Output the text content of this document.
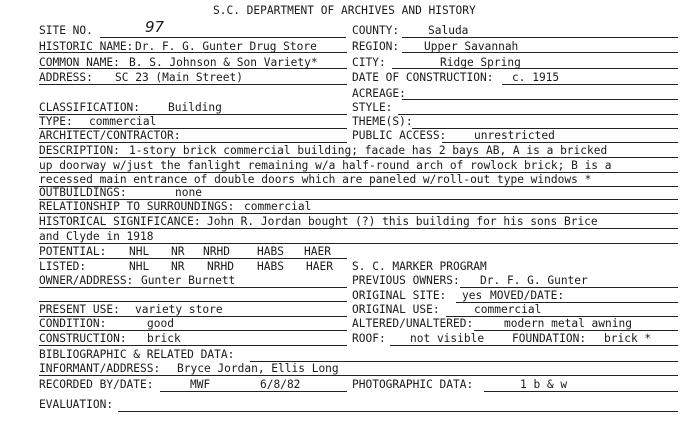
S.C. DEPARTMENT OF ARCHIVES AND HISTORY
SITE NO.	97	COUNTY:	Saluda
HISTORIC NAME: Dr. F. G. Gunter Drug Store	REGION: Upper Savannah
COMMON NAME: B. S. Johnson & Son Variety*	CITY:	Ridge Spring
ADDRESS: SC 23 (Main Street)	DATE OF CONSTRUCTION: c. 1915
ACREAGE:
CLASSIFICATION: Building	STYLE:
TYPE: commercial	THEME(S):
ARCHITECT/CONTRACTOR:	PUBLIC ACCESS: unrestricted
DESCRIPTION: 1-story brick commercial building; facade has 2 bays AB, A is a bricked
up doorway w/just the fanlight remaining w/a half-round arch of rowlock brick; B is a
recessed main entrance of double doors which are paneled w/roll-out type windows *
OUTBUILDINGS:	none
RELATIONSHIP TO SURROUNDINGS: commercial
HISTORICAL SIGNIFICANCE: John R. Jordan bought (?) this building for his sons Brice
and Clyde in 1918
POTENTIAL: NHL NR NRHD HABS HAER
LISTED:	NHL NR NRHD HABS HAER S. C. MARKER PROGRAM
OWNER/ADDRESS: Gunter Burnett	PREVIOUS OWNERS: Dr. F. G. Gunter
ORIGINAL SITE: yes MOVED/DATE:
PRESENT USE: variety store	ORIGINAL USE:	commercial
CONDITION:	good	ALTERED/UNALTERED:	modern metal awning
CONSTRUCTION: brick	ROOF: not visible FOUNDATION: brick *
BIBLIOGRAPHIC & RELATED DATA:
INFORMANT/ADDRESS: Bryce Jordan, Ellis Long
RECORDED BY/DATE:	MWF	6/8/82	PHOTOGRAPHIC DATA:	1 b & w
EVALUATION:
